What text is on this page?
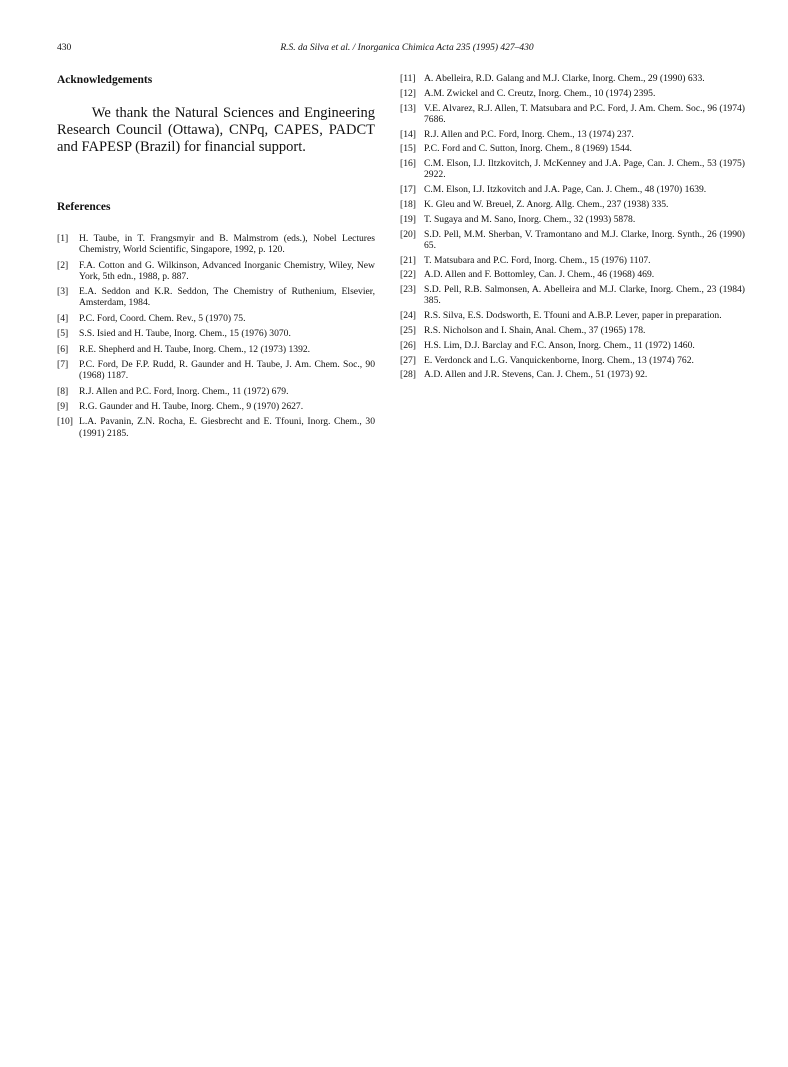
430	R.S. da Silva et al. / Inorganica Chimica Acta 235 (1995) 427–430
Acknowledgements

We thank the Natural Sciences and Engineering Research Council (Ottawa), CNPq, CAPES, PADCT and FAPESP (Brazil) for financial support.

References
[1] H. Taube, in T. Frangsmyir and B. Malmstrom (eds.), Nobel Lectures Chemistry, World Scientific, Singapore, 1992, p. 120.
[2] F.A. Cotton and G. Wilkinson, Advanced Inorganic Chemistry, Wiley, New York, 5th edn., 1988, p. 887.
[3] E.A. Seddon and K.R. Seddon, The Chemistry of Ruthenium, Elsevier, Amsterdam, 1984.
[4] P.C. Ford, Coord. Chem. Rev., 5 (1970) 75.
[5] S.S. Isied and H. Taube, Inorg. Chem., 15 (1976) 3070.
[6] R.E. Shepherd and H. Taube, Inorg. Chem., 12 (1973) 1392.
[7] P.C. Ford, De F.P. Rudd, R. Gaunder and H. Taube, J. Am. Chem. Soc., 90 (1968) 1187.
[8] R.J. Allen and P.C. Ford, Inorg. Chem., 11 (1972) 679.
[9] R.G. Gaunder and H. Taube, Inorg. Chem., 9 (1970) 2627.
[10] L.A. Pavanin, Z.N. Rocha, E. Giesbrecht and E. Tfouni, Inorg. Chem., 30 (1991) 2185.
[11] A. Abelleira, R.D. Galang and M.J. Clarke, Inorg. Chem., 29 (1990) 633.
[12] A.M. Zwickel and C. Creutz, Inorg. Chem., 10 (1974) 2395.
[13] V.E. Alvarez, R.J. Allen, T. Matsubara and P.C. Ford, J. Am. Chem. Soc., 96 (1974) 7686.
[14] R.J. Allen and P.C. Ford, Inorg. Chem., 13 (1974) 237.
[15] P.C. Ford and C. Sutton, Inorg. Chem., 8 (1969) 1544.
[16] C.M. Elson, I.J. Iltzkovitch, J. McKenney and J.A. Page, Can. J. Chem., 53 (1975) 2922.
[17] C.M. Elson, I.J. Itzkovitch and J.A. Page, Can. J. Chem., 48 (1970) 1639.
[18] K. Gleu and W. Breuel, Z. Anorg. Allg. Chem., 237 (1938) 335.
[19] T. Sugaya and M. Sano, Inorg. Chem., 32 (1993) 5878.
[20] S.D. Pell, M.M. Sherban, V. Tramontano and M.J. Clarke, Inorg. Synth., 26 (1990) 65.
[21] T. Matsubara and P.C. Ford, Inorg. Chem., 15 (1976) 1107.
[22] A.D. Allen and F. Bottomley, Can. J. Chem., 46 (1968) 469.
[23] S.D. Pell, R.B. Salmonsen, A. Abelleira and M.J. Clarke, Inorg. Chem., 23 (1984) 385.
[24] R.S. Silva, E.S. Dodsworth, E. Tfouni and A.B.P. Lever, paper in preparation.
[25] R.S. Nicholson and I. Shain, Anal. Chem., 37 (1965) 178.
[26] H.S. Lim, D.J. Barclay and F.C. Anson, Inorg. Chem., 11 (1972) 1460.
[27] E. Verdonck and L.G. Vanquickenborne, Inorg. Chem., 13 (1974) 762.
[28] A.D. Allen and J.R. Stevens, Can. J. Chem., 51 (1973) 92.
